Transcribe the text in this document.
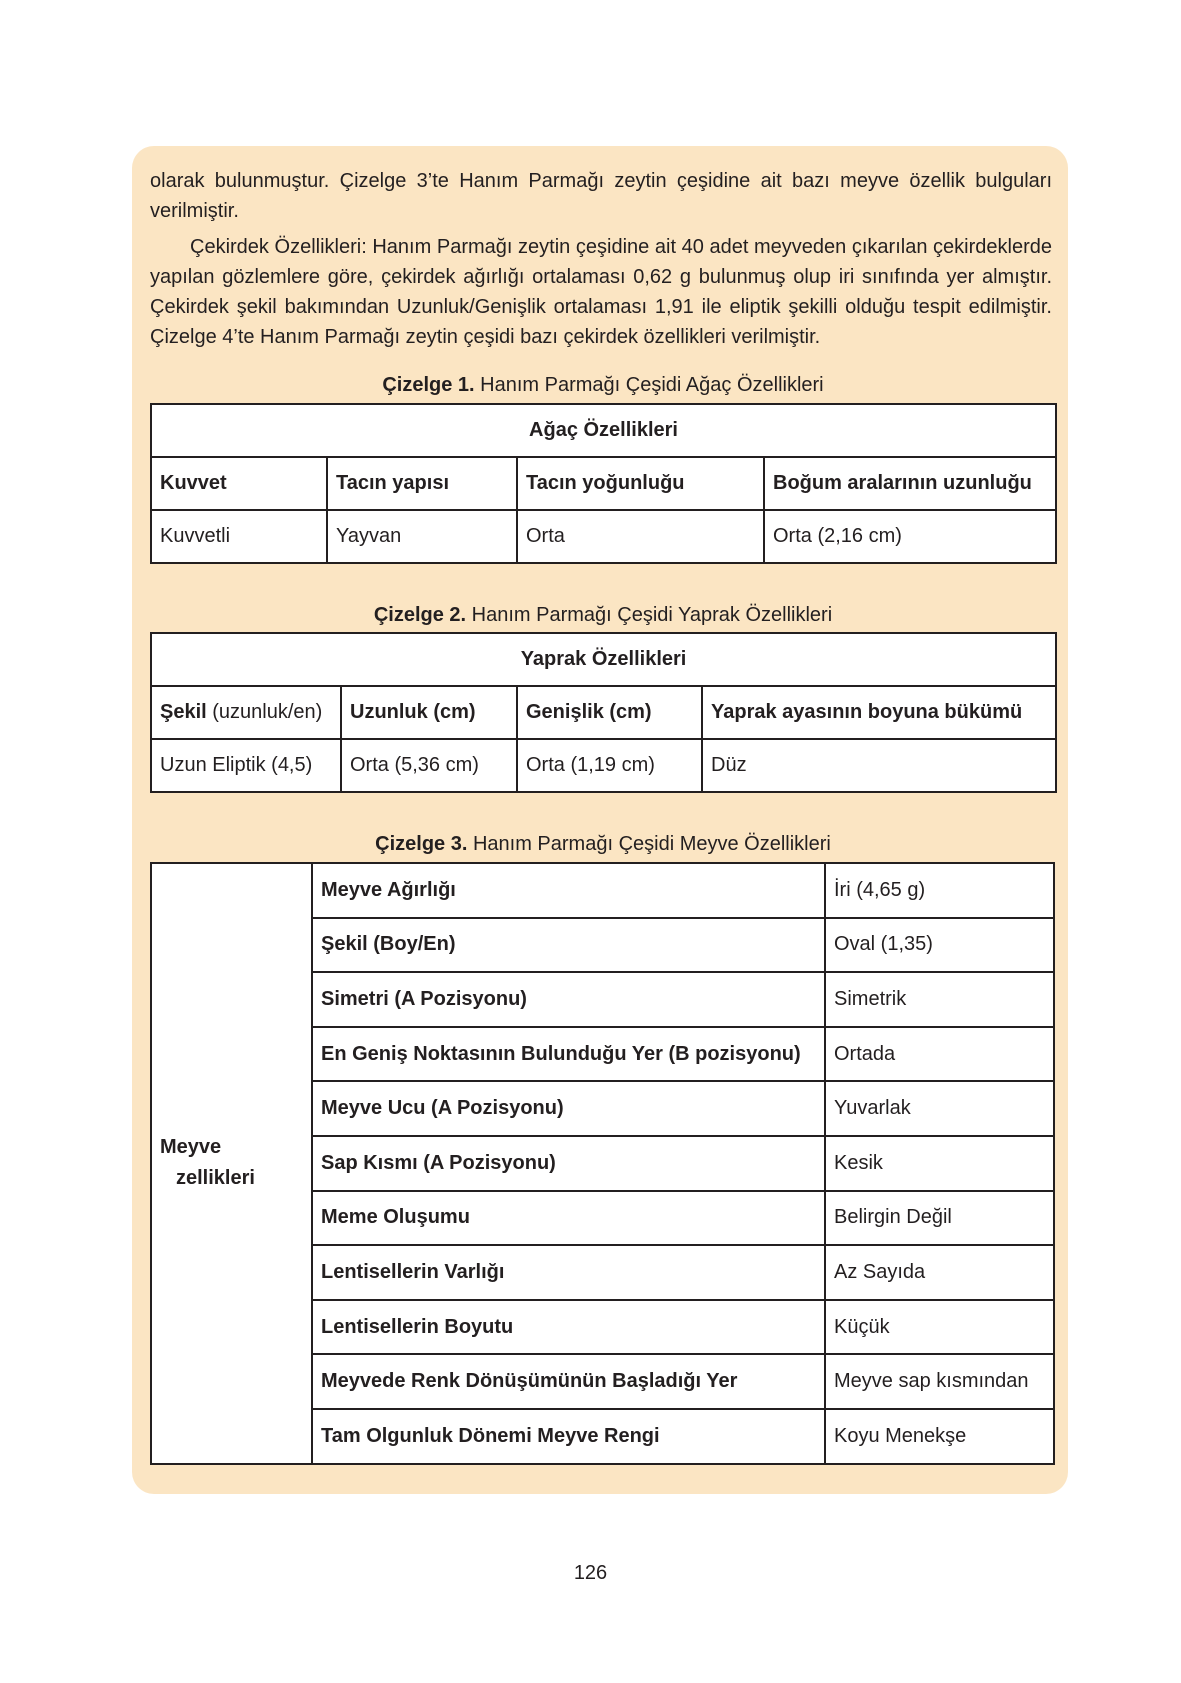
olarak bulunmuştur. Çizelge 3’te Hanım Parmağı zeytin çeşidine ait bazı meyve özellik bulguları verilmiştir.

Çekirdek Özellikleri: Hanım Parmağı zeytin çeşidine ait 40 adet meyveden çıkarılan çekirdeklerde yapılan gözlemlere göre, çekirdek ağırlığı ortalaması 0,62 g bulunmuş olup iri sınıfında yer almıştır. Çekirdek şekil bakımından Uzunluk/Genişlik ortalaması 1,91 ile eliptik şekilli olduğu tespit edilmiştir. Çizelge 4’te Hanım Parmağı zeytin çeşidi bazı çekirdek özellikleri verilmiştir.

Çizelge 1. Hanım Parmağı Çeşidi Ağaç Özellikleri
Ağaç Özellikleri			
Kuvvet	Tacın yapısı	Tacın yoğunluğu	Boğum aralarının uzunluğu
Kuvvetli	Yayvan	Orta	Orta (2,16 cm)
Çizelge 2. Hanım Parmağı Çeşidi Yaprak Özellikleri
Yaprak Özellikleri			
Şekil (uzunluk/en)	Uzunluk (cm)	Genişlik (cm)	Yaprak ayasının boyuna bükümü
Uzun Eliptik (4,5)	Orta (5,36 cm)	Orta (1,19 cm)	Düz
Çizelge 3. Hanım Parmağı Çeşidi Meyve Özellikleri
Meyve
zellikleri	Meyve Ağırlığı	İri (4,65 g)
	Şekil (Boy/En)	Oval (1,35)
	Simetri (A Pozisyonu)	Simetrik
	En Geniş Noktasının Bulunduğu Yer (B pozisyonu)	Ortada
	Meyve Ucu (A Pozisyonu)	Yuvarlak
	Sap Kısmı (A Pozisyonu)	Kesik
	Meme Oluşumu	Belirgin Değil
	Lentisellerin Varlığı	Az Sayıda
	Lentisellerin Boyutu	Küçük
	Meyvede Renk Dönüşümünün Başladığı Yer	Meyve sap kısmından
	Tam Olgunluk Dönemi Meyve Rengi	Koyu Menekşe
126
